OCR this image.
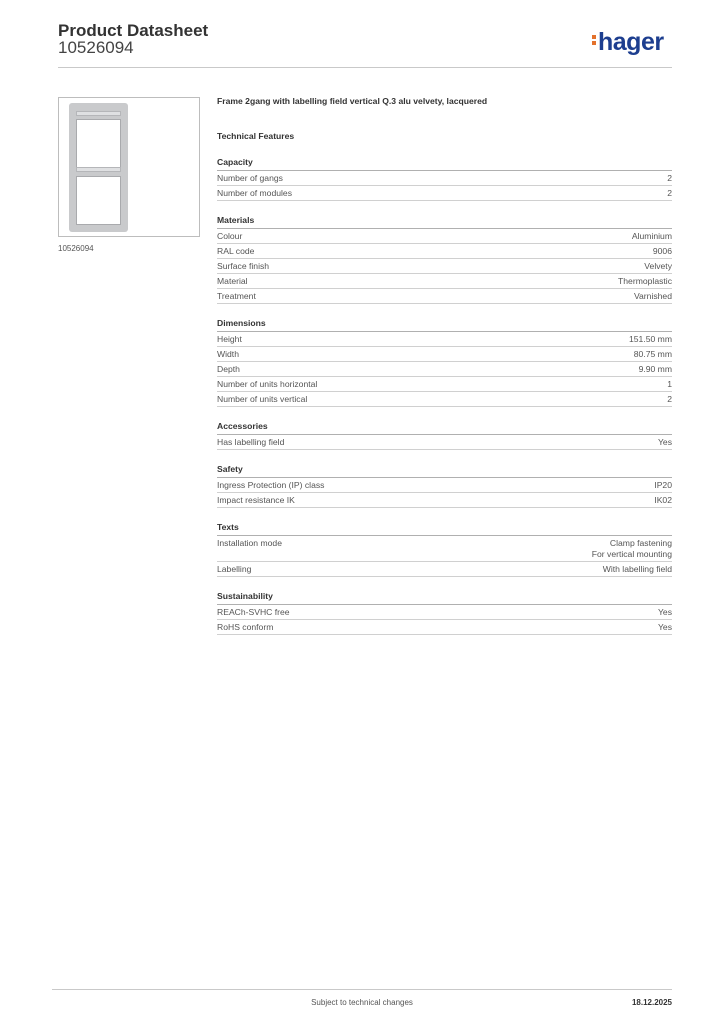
Product Datasheet
10526094	hager
10526094
Frame 2gang with labelling field vertical Q.3 alu velvety, lacquered
Technical Features
Capacity
Number of gangs	2
Number of modules	2
Materials
Colour	Aluminium
RAL code	9006
Surface finish	Velvety
Material	Thermoplastic
Treatment	Varnished
Dimensions
Height	151.50 mm
Width	80.75 mm
Depth	9.90 mm
Number of units horizontal	1
Number of units vertical	2
Accessories
Has labelling field	Yes
Safety
Ingress Protection (IP) class	IP20
Impact resistance IK	IK02
Texts
Installation mode	Clamp fastening
For vertical mounting
Labelling	With labelling field
Sustainability
REACh-SVHC free	Yes
RoHS conform	Yes
Subject to technical changes	18.12.2025
